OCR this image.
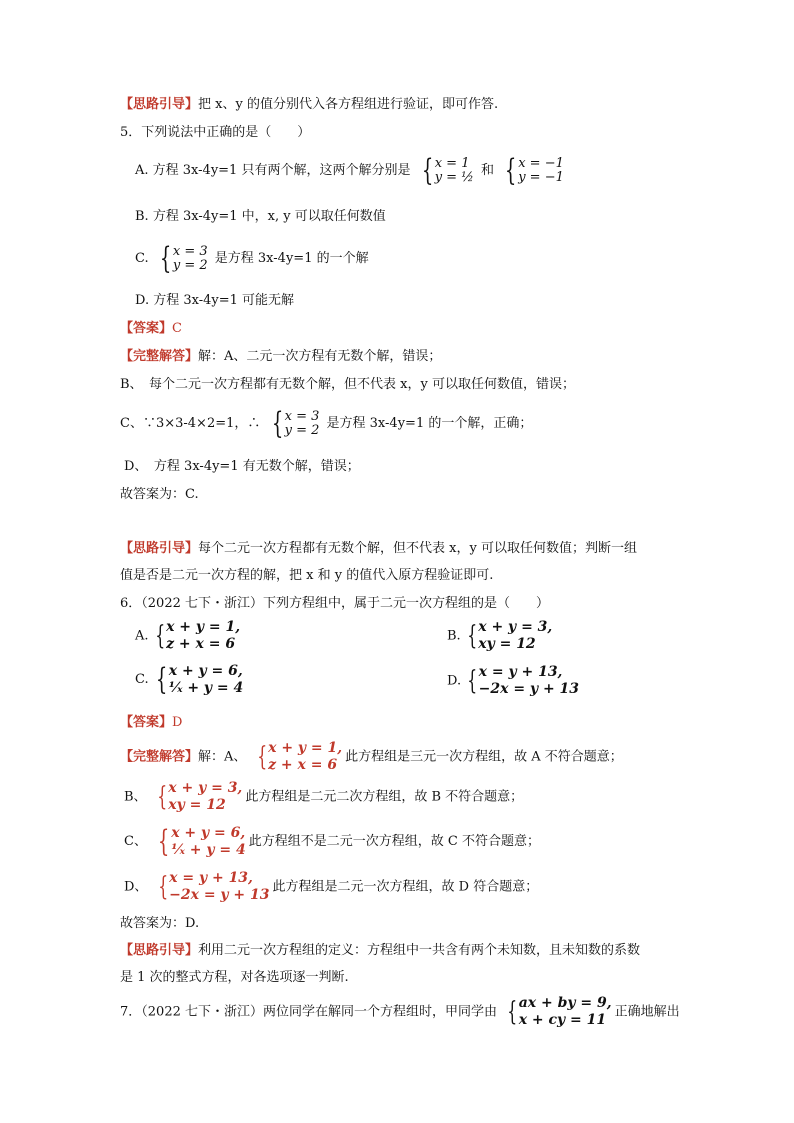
【思路引导】把 x、y 的值分别代入各方程组进行验证，即可作答.
5．下列说法中正确的是（　　）
A. 方程 3x-4y=1 只有两个解，这两个解分别是 { x = 1
y = ½ 和 { x = −1
y = −1
B. 方程 3x-4y=1 中，x, y 可以取任何数值
C. { x = 3
y = 2 是方程 3x-4y=1 的一个解
D. 方程 3x-4y=1 可能无解
【答案】C
【完整解答】解：A、二元一次方程有无数个解，错误；
B、　每个二元一次方程都有无数个解，但不代表 x，y 可以取任何数值，错误；
C、∵3×3-4×2=1，∴ { x = 3
y = 2 是方程 3x-4y=1 的一个解，正确；
D、　方程 3x-4y=1 有无数个解，错误；
故答案为：C.
【思路引导】每个二元一次方程都有无数个解，但不代表 x，y 可以取任何数值；判断一组
值是否是二元一次方程的解，把 x 和 y 的值代入原方程验证即可.
6．（2022 七下・浙江）下列方程组中，属于二元一次方程组的是（　　）
A. { x + y = 1,
z + x = 6	B. { x + y = 3,
xy = 12
C. { x + y = 6,
¹⁄ₓ + y = 4	D. { x = y + 13,
−2x = y + 13
【答案】D
【完整解答】解：A、 { x + y = 1,
z + x = 6 此方程组是三元一次方程组，故 A 不符合题意；
B、 { x + y = 3,
xy = 12	此方程组是二元二次方程组，故 B 不符合题意；
C、 { x + y = 6,
¹⁄ₓ + y = 4 此方程组不是二元一次方程组，故 C 不符合题意；
D、 { x = y + 13,
−2x = y + 13 此方程组是二元一次方程组，故 D 符合题意；
故答案为：D.
【思路引导】利用二元一次方程组的定义：方程组中一共含有两个未知数，且未知数的系数
是 1 次的整式方程，对各选项逐一判断.
7．（2022 七下・浙江）两位同学在解同一个方程组时，甲同学由 { ax + by = 9,
x + cy = 11 正确地解出
